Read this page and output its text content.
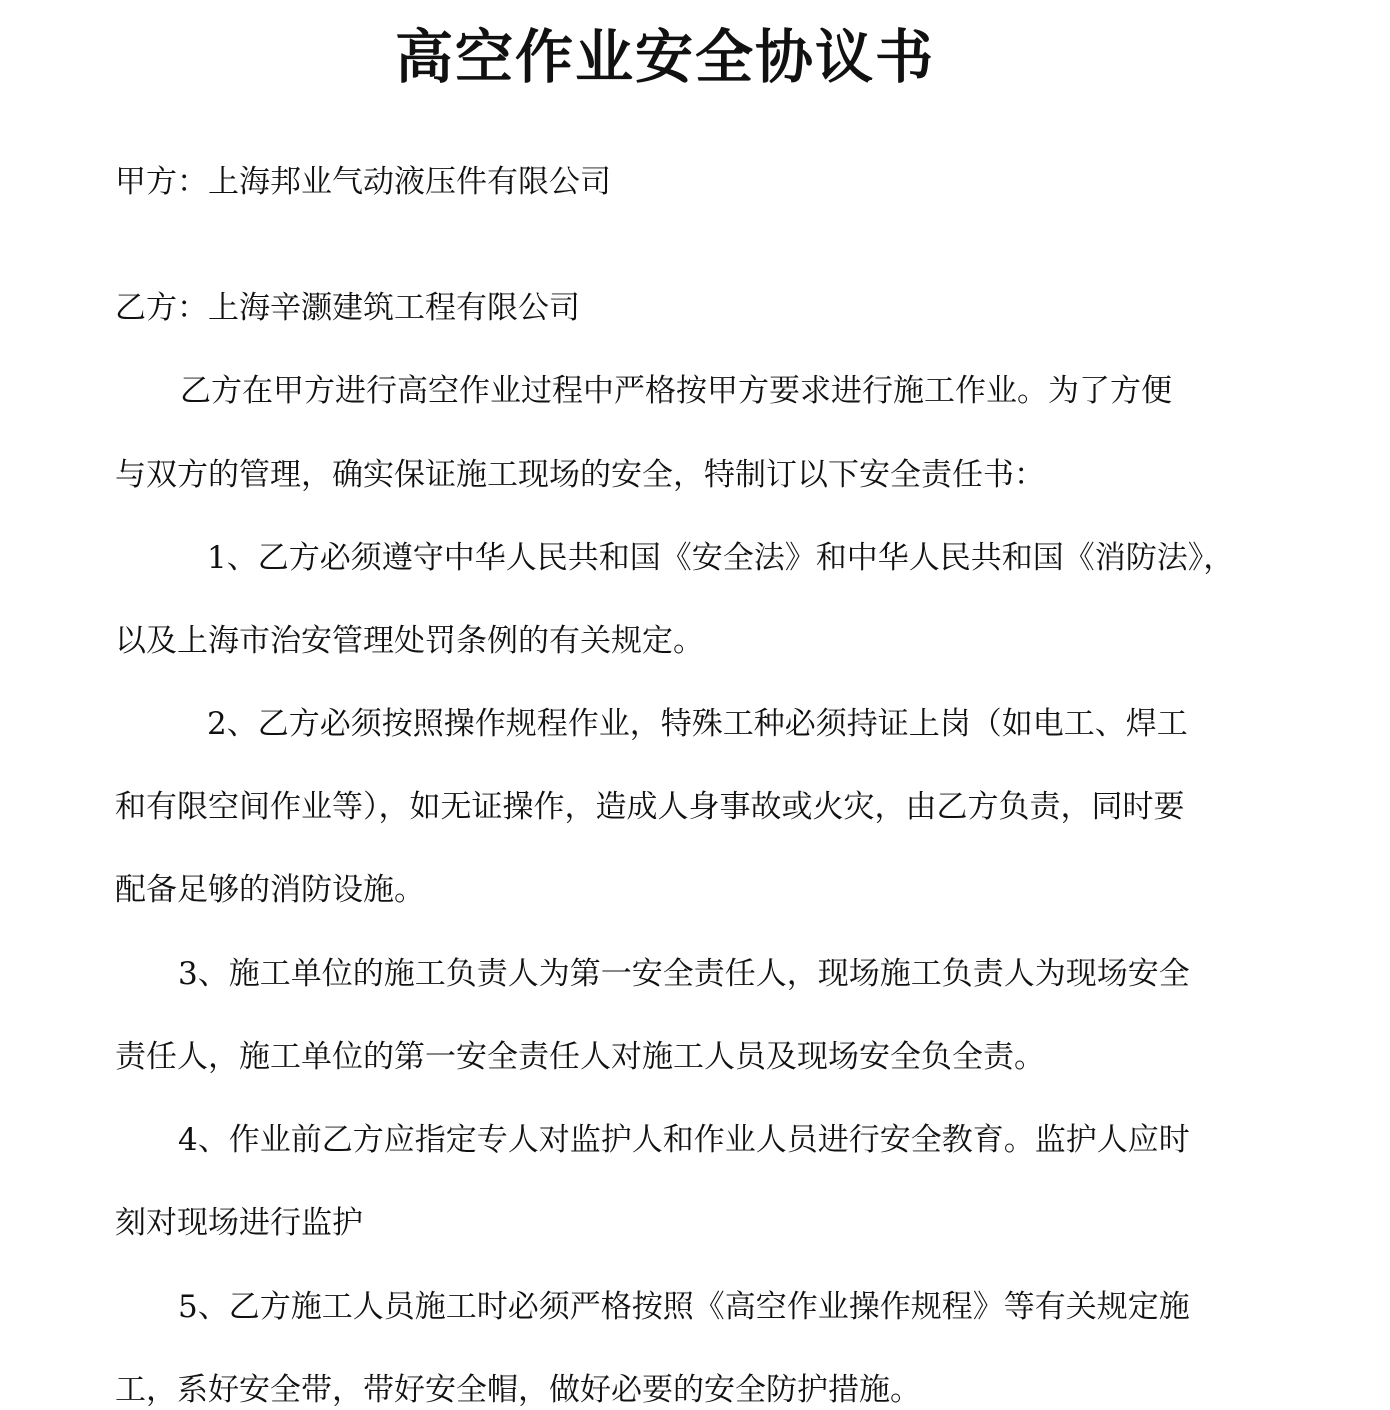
高空作业安全协议书
甲方：上海邦业气动液压件有限公司
乙方：上海辛灏建筑工程有限公司
乙方在甲方进行高空作业过程中严格按甲方要求进行施工作业。为了方便
与双方的管理，确实保证施工现场的安全，特制订以下安全责任书：
1、乙方必须遵守中华人民共和国《安全法》和中华人民共和国《消防法》，
以及上海市治安管理处罚条例的有关规定。
2、乙方必须按照操作规程作业，特殊工种必须持证上岗（如电工、焊工
和有限空间作业等），如无证操作，造成人身事故或火灾，由乙方负责，同时要
配备足够的消防设施。
3、施工单位的施工负责人为第一安全责任人，现场施工负责人为现场安全
责任人，施工单位的第一安全责任人对施工人员及现场安全负全责。
4、作业前乙方应指定专人对监护人和作业人员进行安全教育。监护人应时
刻对现场进行监护
5、乙方施工人员施工时必须严格按照《高空作业操作规程》等有关规定施
工，系好安全带，带好安全帽，做好必要的安全防护措施。
